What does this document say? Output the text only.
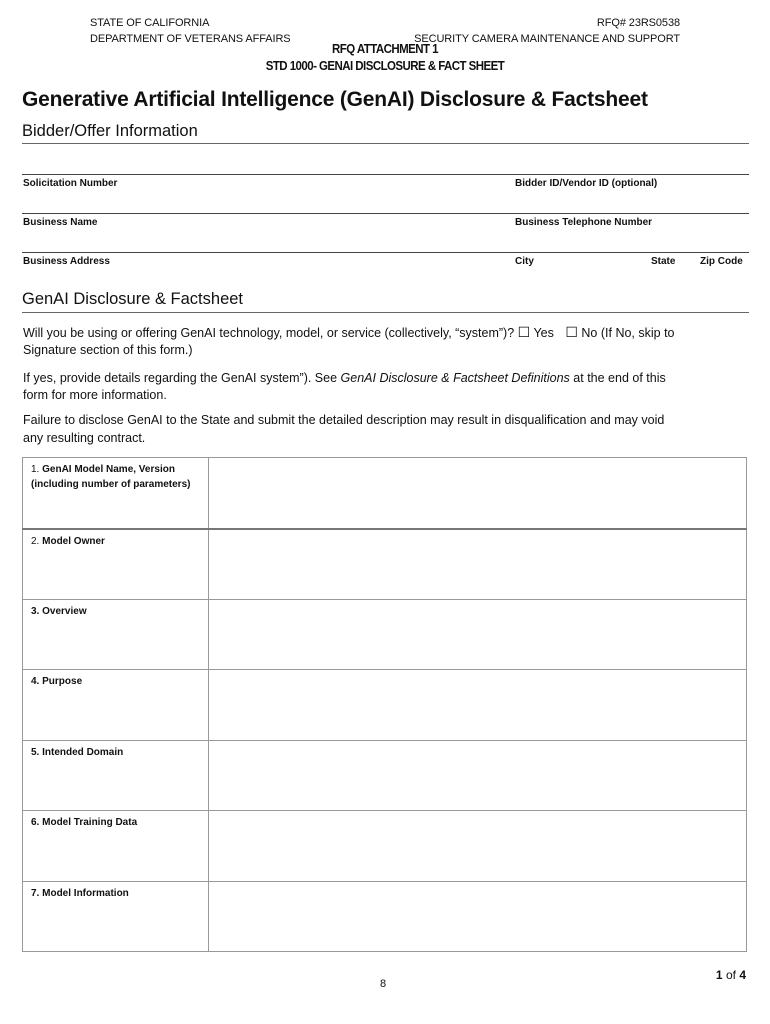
STATE OF CALIFORNIA
DEPARTMENT OF VETERANS AFFAIRS
RFQ# 23RS0538
SECURITY CAMERA MAINTENANCE AND SUPPORT
RFQ ATTACHMENT 1
STD 1000- GENAI DISCLOSURE & FACT SHEET
Generative Artificial Intelligence (GenAI) Disclosure & Factsheet
Bidder/Offer Information
Solicitation Number	Bidder ID/Vendor ID (optional)
Business Name	Business Telephone Number
Business Address	City	State Zip Code
GenAI Disclosure & Factsheet
Will you be using or offering GenAI technology, model, or service (collectively, “system”)? ☐ Yes ☐ No (If No, skip to
Signature section of this form.)
If yes, provide details regarding the GenAI system”). See GenAI Disclosure & Factsheet Definitions at the end of this
form for more information.
Failure to disclose GenAI to the State and submit the detailed description may result in disqualification and may void
any resulting contract.
1. GenAI Model Name, Version (including number of parameters)	
2. Model Owner	
3. Overview	
4. Purpose	
5. Intended Domain	
6. Model Training Data	
7. Model Information	
1 of 4
8
